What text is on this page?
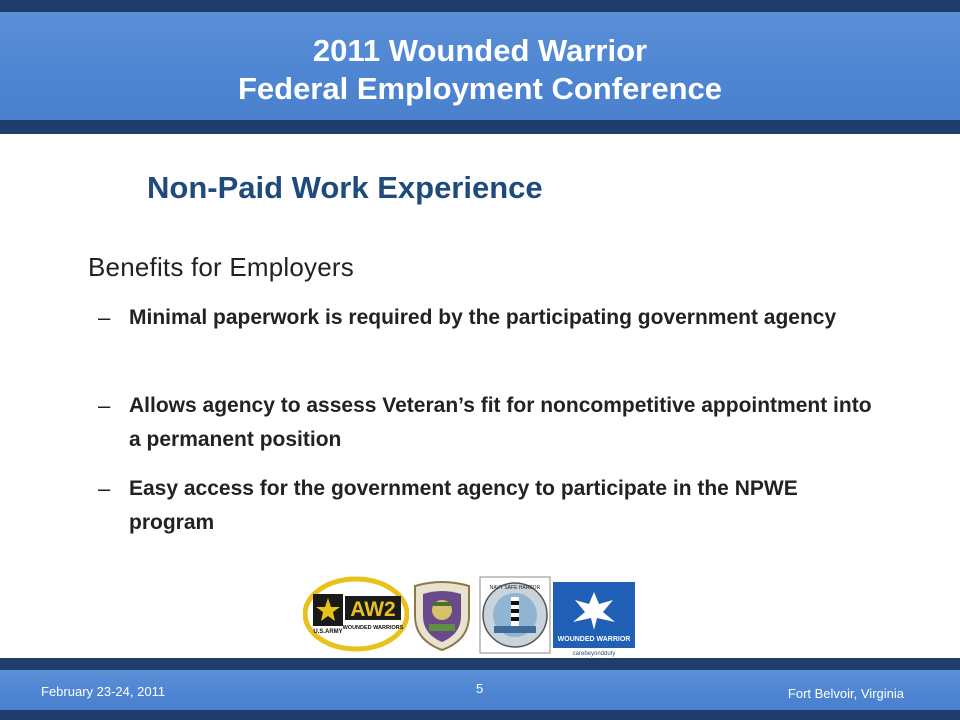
2011 Wounded Warrior
Federal Employment Conference
Non-Paid Work Experience
Benefits for Employers
– Minimal paperwork is required by the participating government agency
– Allows agency to assess Veteran’s fit for noncompetitive appointment into a permanent position
– Easy access for the government agency to participate in the NPWE program
U.S.ARMY
AW2
WOUNDED WARRIORS
NAVY SAFE HARBOR
WOUNDED WARRIOR
carebeyondduty
February 23-24, 2011	5	Fort Belvoir, Virginia
